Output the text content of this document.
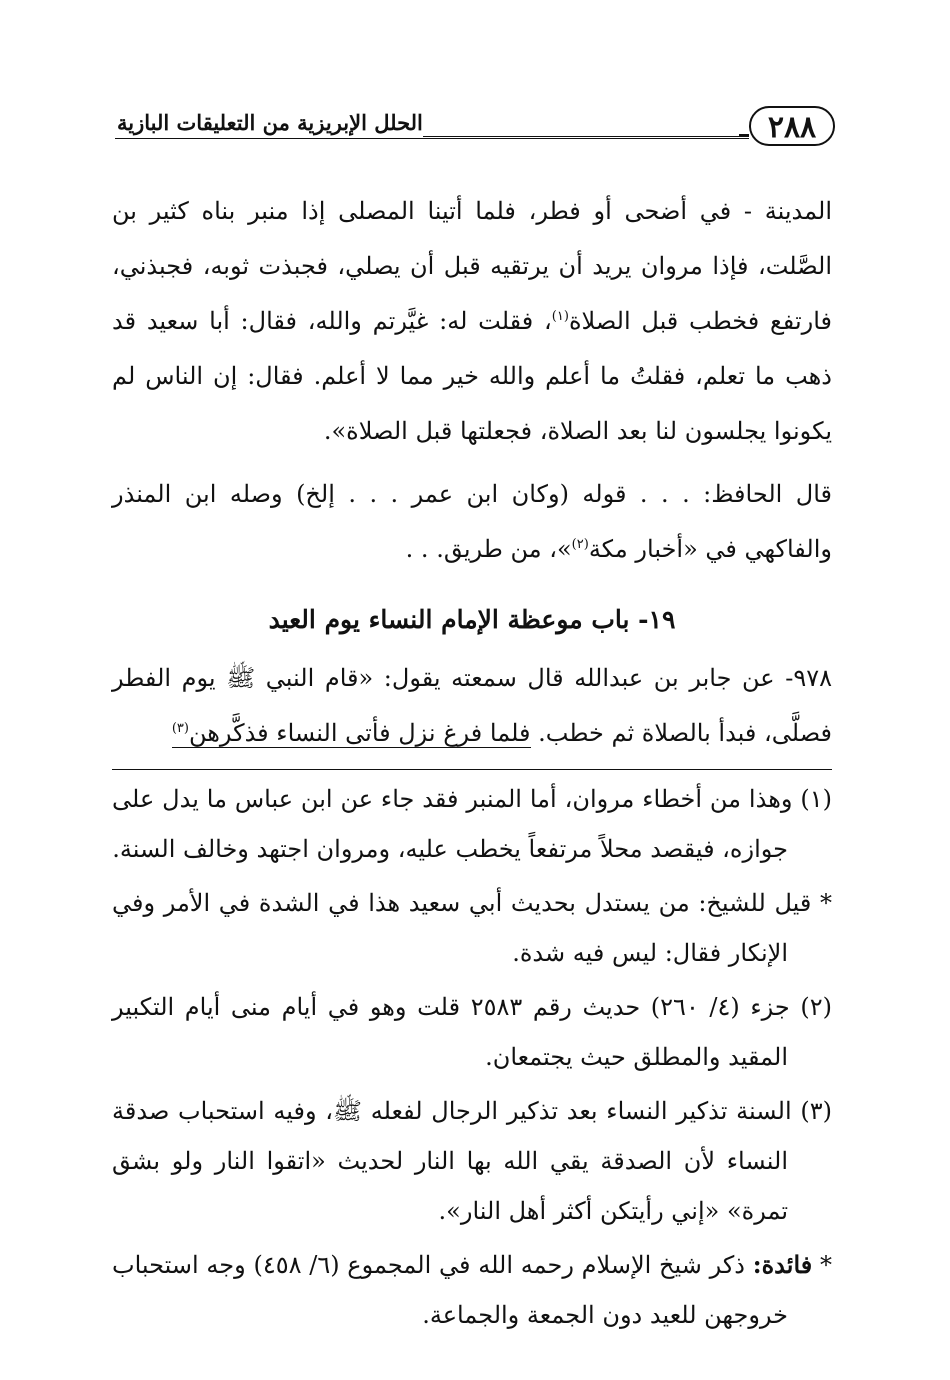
٢٨٨
الحلل الإبريزية من التعليقات البازية

المدينة - في أضحى أو فطر، فلما أتينا المصلى إذا منبر بناه كثير بن الصَّلت، فإذا مروان يريد أن يرتقيه قبل أن يصلي، فجبذت ثوبه، فجبذني، فارتفع فخطب قبل الصلاة$^{(١)}$، فقلت له: غيَّرتم والله، فقال: أبا سعيد قد ذهب ما تعلم، فقلتُ ما أعلم والله خير مما لا أعلم. فقال: إن الناس لم يكونوا يجلسون لنا بعد الصلاة، فجعلتها قبل الصلاة».

قال الحافظ: . . . قوله (وكان ابن عمر . . . إلخ) وصله ابن المنذر والفاكهي في «أخبار مكة$^{(٢)}$»، من طريق. . .

١٩- باب موعظة الإمام النساء يوم العيد

٩٧٨- عن جابر بن عبدالله قال سمعته يقول: «قام النبي ﷺ يوم الفطر فصلَّى، فبدأ بالصلاة ثم خطب. فلما فرغ نزل فأتى النساء فذكَّرهن$^{(٣)}$

(١) وهذا من أخطاء مروان، أما المنبر فقد جاء عن ابن عباس ما يدل على جوازه، فيقصد محلاً مرتفعاً يخطب عليه، ومروان اجتهد وخالف السنة.

* قيل للشيخ: من يستدل بحديث أبي سعيد هذا في الشدة في الأمر وفي الإنكار فقال: ليس فيه شدة.

(٢) جزء (٤/ ٢٦٠) حديث رقم ٢٥٨٣ قلت وهو في أيام منى أيام التكبير المقيد والمطلق حيث يجتمعان.

(٣) السنة تذكير النساء بعد تذكير الرجال لفعله ﷺ، وفيه استحباب صدقة النساء لأن الصدقة يقي الله بها النار لحديث «اتقوا النار ولو بشق تمرة» «إني رأيتكن أكثر أهل النار».

* فائدة: ذكر شيخ الإسلام رحمه الله في المجموع (٦/ ٤٥٨) وجه استحباب خروجهن للعيد دون الجمعة والجماعة.
